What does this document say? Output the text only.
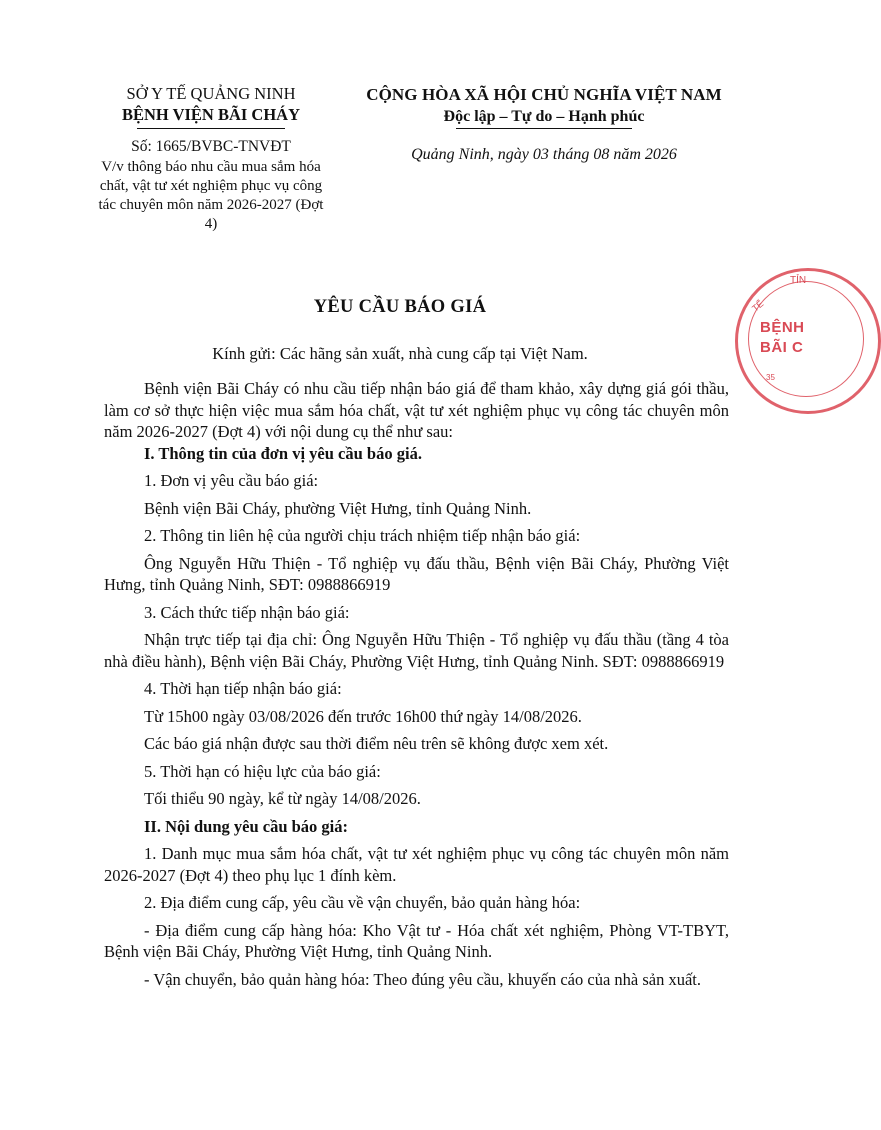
SỞ Y TẾ QUẢNG NINH
BỆNH VIỆN BÃI CHÁY
Số: 1665/BVBC-TNVĐT
V/v thông báo nhu cầu mua sắm hóa chất, vật tư xét nghiệm phục vụ công tác chuyên môn năm 2026-2027 (Đợt 4)
CỘNG HÒA XÃ HỘI CHỦ NGHĨA VIỆT NAM
Độc lập – Tự do – Hạnh phúc
Quảng Ninh, ngày 03 tháng 08 năm 2026
TỈN
TẾ
BỆNH
BÃI C
35
YÊU CẦU BÁO GIÁ
Kính gửi: Các hãng sản xuất, nhà cung cấp tại Việt Nam.

Bệnh viện Bãi Cháy có nhu cầu tiếp nhận báo giá để tham khảo, xây dựng giá gói thầu, làm cơ sở thực hiện việc mua sắm hóa chất, vật tư xét nghiệm phục vụ công tác chuyên môn năm 2026-2027 (Đợt 4) với nội dung cụ thể như sau:

I. Thông tin của đơn vị yêu cầu báo giá.

1. Đơn vị yêu cầu báo giá:

Bệnh viện Bãi Cháy, phường Việt Hưng, tỉnh Quảng Ninh.

2. Thông tin liên hệ của người chịu trách nhiệm tiếp nhận báo giá:

Ông Nguyễn Hữu Thiện - Tổ nghiệp vụ đấu thầu, Bệnh viện Bãi Cháy, Phường Việt Hưng, tỉnh Quảng Ninh, SĐT: 0988866919

3. Cách thức tiếp nhận báo giá:

Nhận trực tiếp tại địa chỉ: Ông Nguyễn Hữu Thiện - Tổ nghiệp vụ đấu thầu (tầng 4 tòa nhà điều hành), Bệnh viện Bãi Cháy, Phường Việt Hưng, tỉnh Quảng Ninh. SĐT: 0988866919

4. Thời hạn tiếp nhận báo giá:

Từ 15h00 ngày 03/08/2026 đến trước 16h00 thứ ngày 14/08/2026.

Các báo giá nhận được sau thời điểm nêu trên sẽ không được xem xét.

5. Thời hạn có hiệu lực của báo giá:

Tối thiểu 90 ngày, kể từ ngày 14/08/2026.

II. Nội dung yêu cầu báo giá:

1. Danh mục mua sắm hóa chất, vật tư xét nghiệm phục vụ công tác chuyên môn năm 2026-2027 (Đợt 4) theo phụ lục 1 đính kèm.

2. Địa điểm cung cấp, yêu cầu về vận chuyển, bảo quản hàng hóa:

- Địa điểm cung cấp hàng hóa: Kho Vật tư - Hóa chất xét nghiệm, Phòng VT-TBYT, Bệnh viện Bãi Cháy, Phường Việt Hưng, tỉnh Quảng Ninh.

- Vận chuyển, bảo quản hàng hóa: Theo đúng yêu cầu, khuyến cáo của nhà sản xuất.
